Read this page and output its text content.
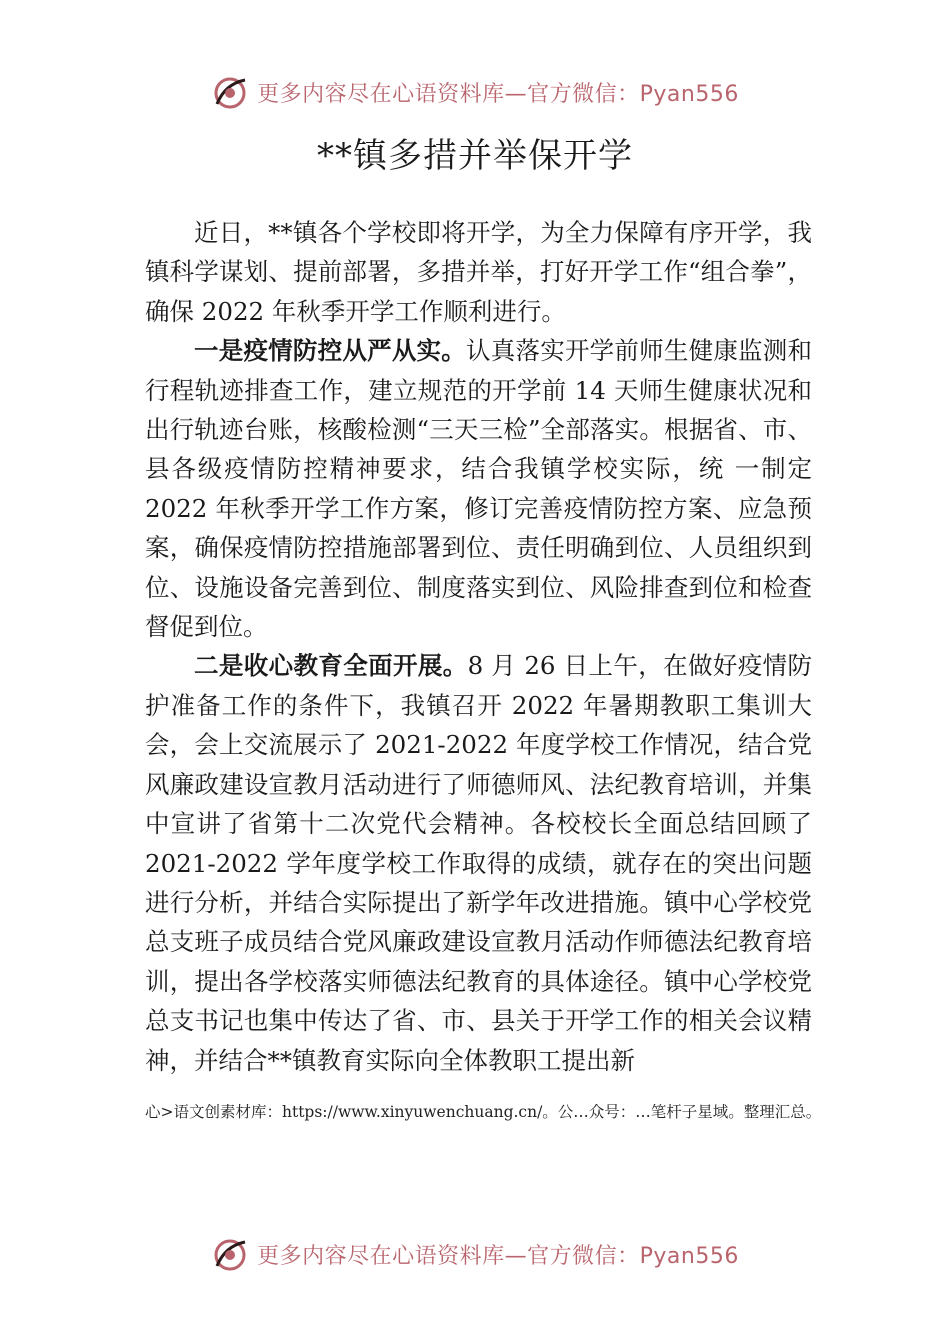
更多内容尽在心语资料库—官方微信：Pyan556
**镇多措并举保开学

近日，**镇各个学校即将开学，为全力保障有序开学，我镇科学谋划、提前部署，多措并举，打好开学工作“组合拳”，确保 2022 年秋季开学工作顺利进行。

一是疫情防控从严从实。认真落实开学前师生健康监测和行程轨迹排查工作，建立规范的开学前 14 天师生健康状况和出行轨迹台账，核酸检测“三天三检”全部落实。根据省、市、县各级疫情防控精神要求，结合我镇学校实际，统 一制定 2022 年秋季开学工作方案，修订完善疫情防控方案、应急预案，确保疫情防控措施部署到位、责任明确到位、人员组织到位、设施设备完善到位、制度落实到位、风险排查到位和检查督促到位。

二是收心教育全面开展。8 月 26 日上午，在做好疫情防护准备工作的条件下，我镇召开 2022 年暑期教职工集训大会，会上交流展示了 2021-2022 年度学校工作情况，结合党风廉政建设宣教月活动进行了师德师风、法纪教育培训，并集中宣讲了省第十二次党代会精神。各校校长全面总结回顾了 2021-2022 学年度学校工作取得的成绩，就存在的突出问题进行分析，并结合实际提出了新学年改进措施。镇中心学校党总支班子成员结合党风廉政建设宣教月活动作师德法纪教育培训，提出各学校落实师德法纪教育的具体途径。镇中心学校党总支书记也集中传达了省、市、县关于开学工作的相关会议精神，并结合**镇教育实际向全体教职工提出新

心>语文创素材库：https://www.xinyuwenchuang.cn/。公…众号：…笔杆子星域。整理汇总。
更多内容尽在心语资料库—官方微信：Pyan556
